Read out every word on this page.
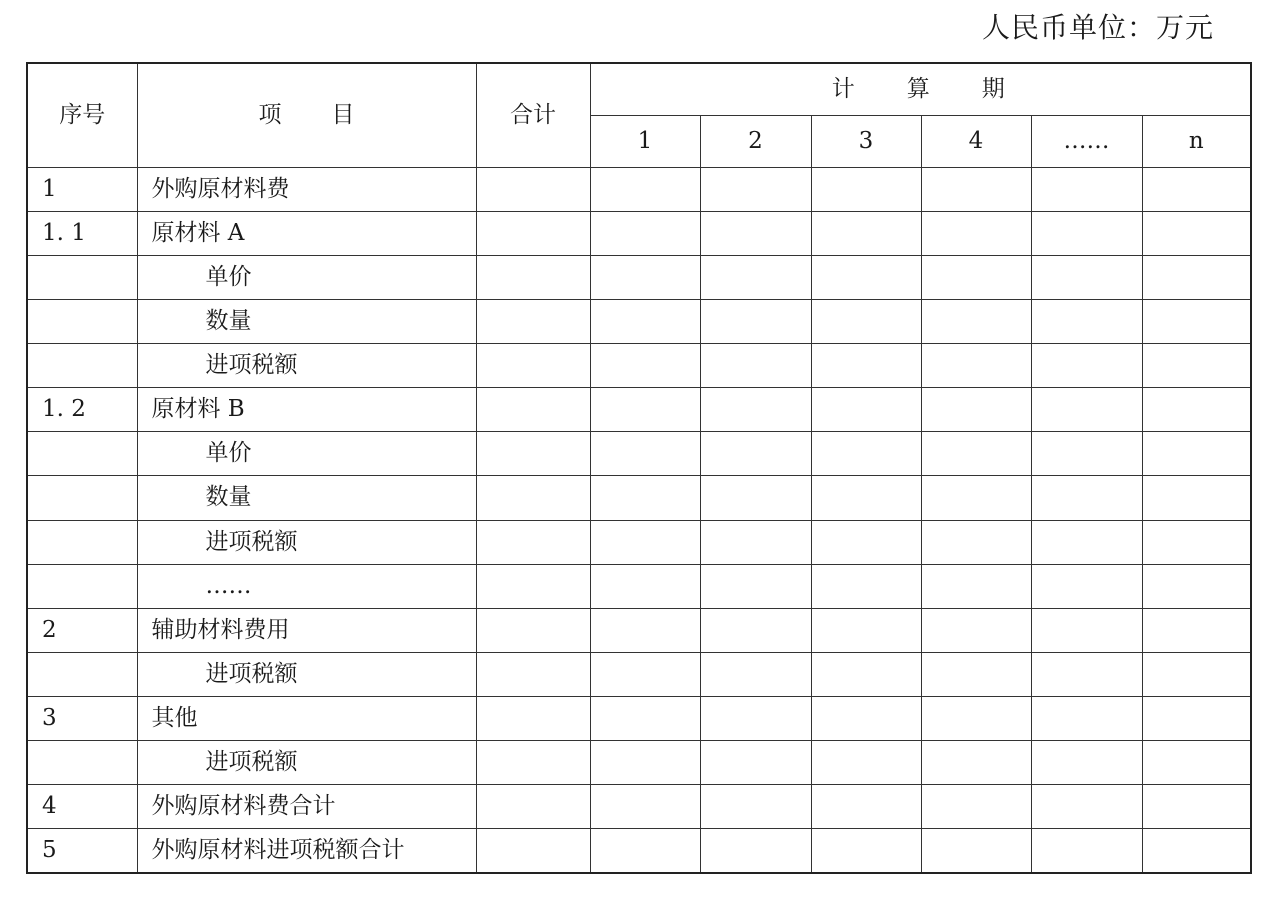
人民币单位：万元
序号	项 目	合计	计 算 期					
			1	2	3	4	……	n
1	外购原材料费							
1. 1	原材料 A							
	单价							
	数量							
	进项税额							
1. 2	原材料 B							
	单价							
	数量							
	进项税额							
	……							
2	辅助材料费用							
	进项税额							
3	其他							
	进项税额							
4	外购原材料费合计							
5	外购原材料进项税额合计							
